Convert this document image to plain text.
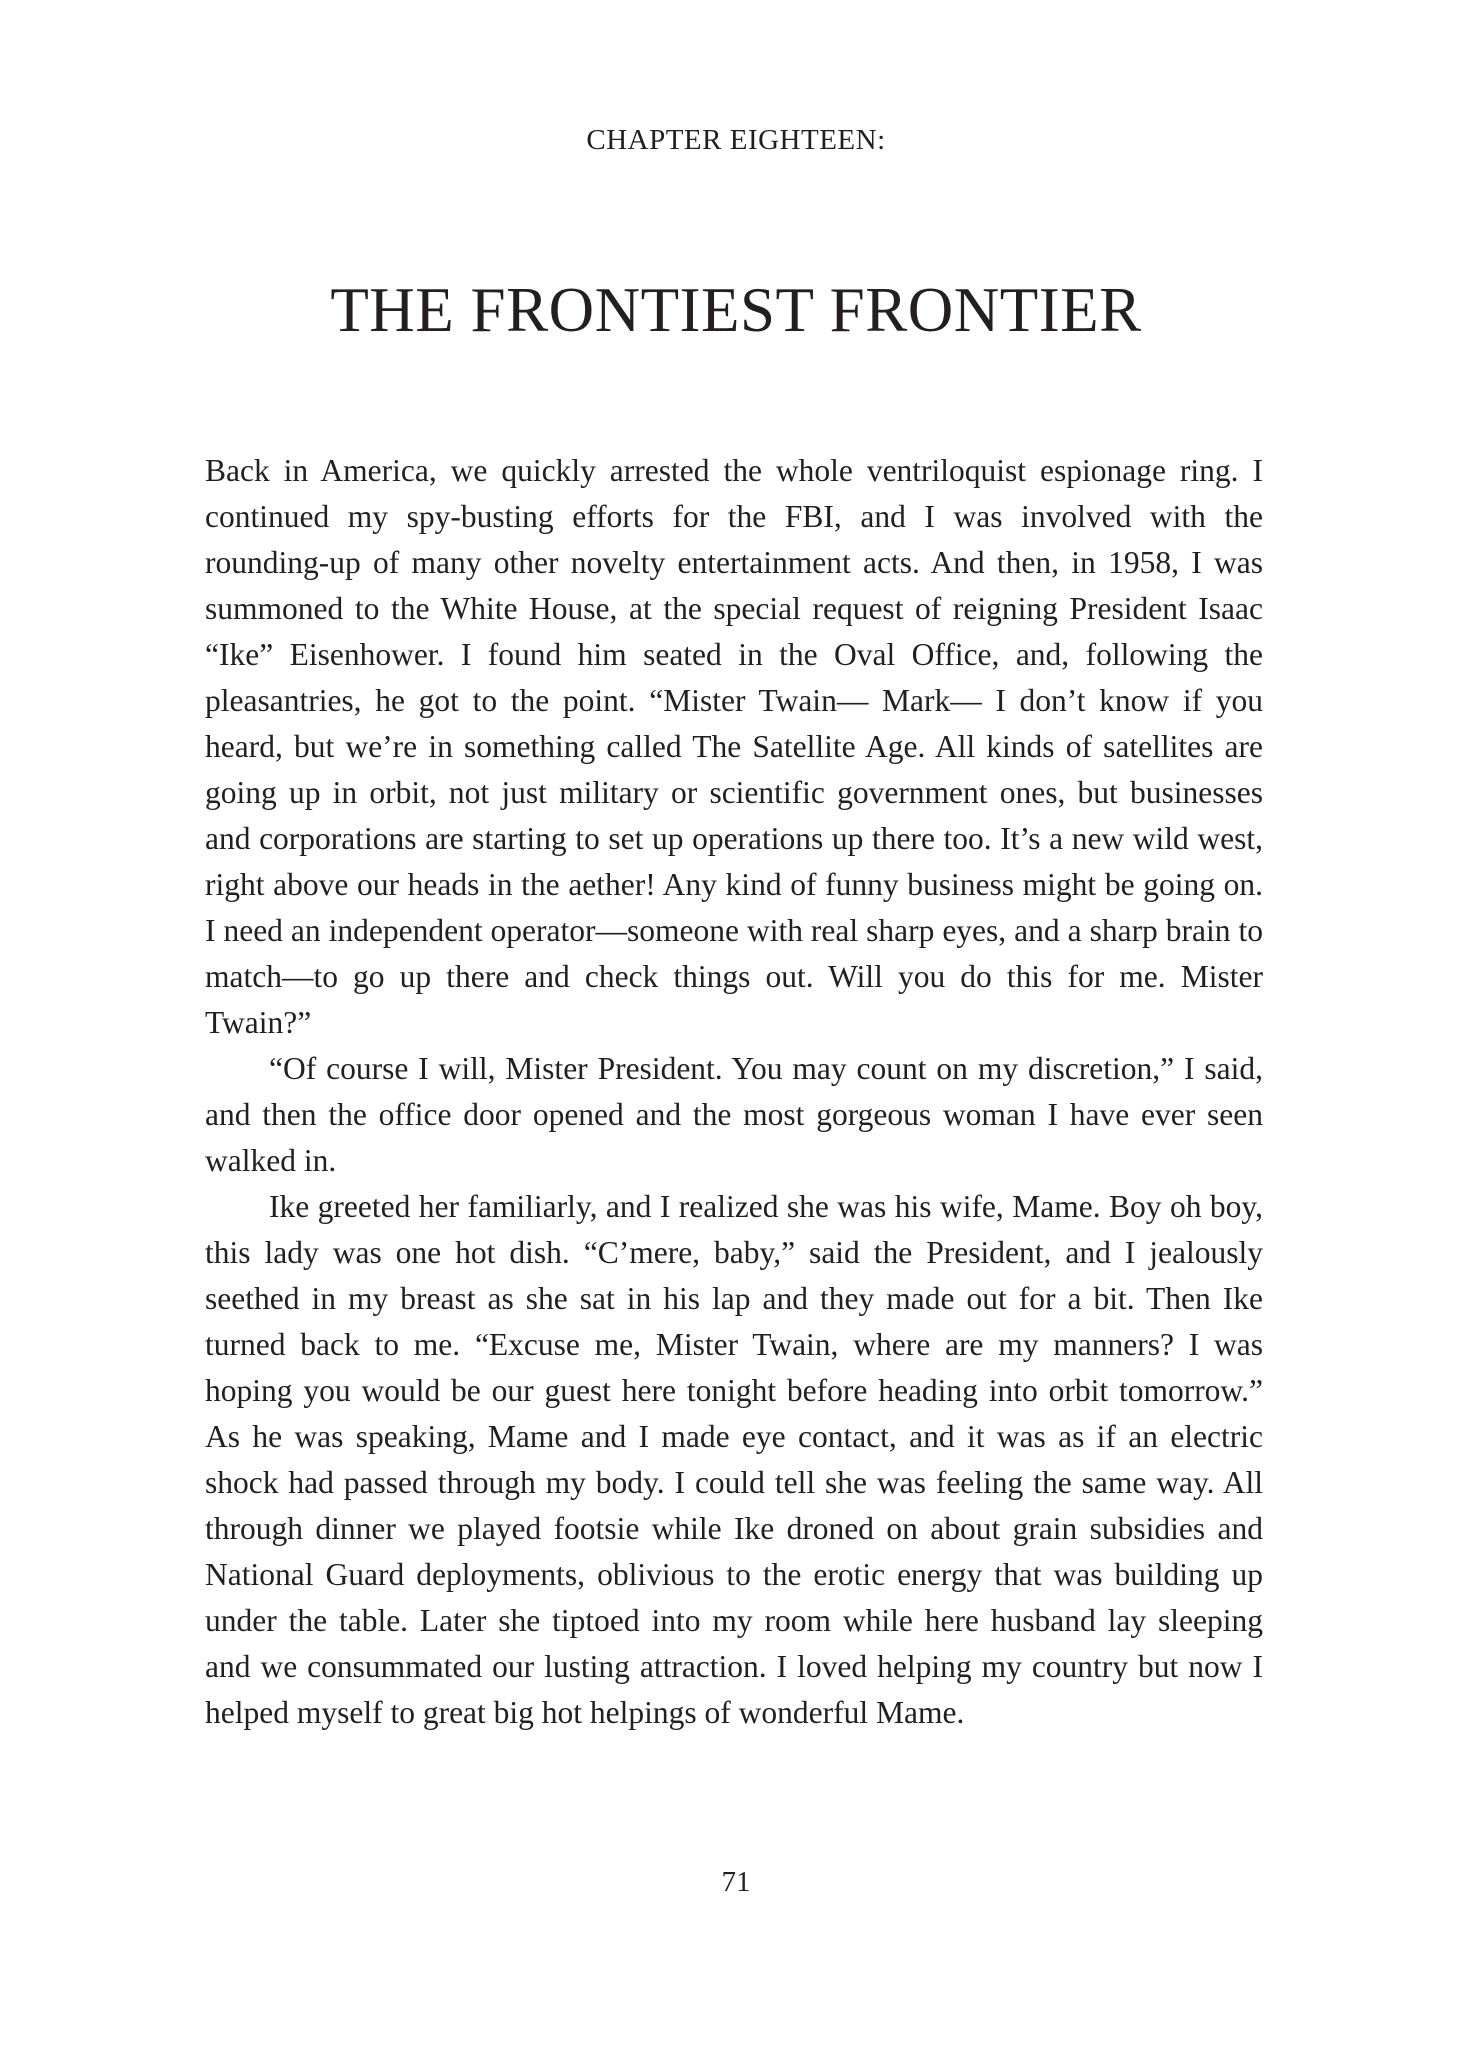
CHAPTER EIGHTEEN:
THE FRONTIEST FRONTIER

Back in America, we quickly arrested the whole ventriloquist espionage ring. I continued my spy-busting efforts for the FBI, and I was involved with the rounding-up of many other novelty entertainment acts. And then, in 1958, I was summoned to the White House, at the special request of reigning President Isaac “Ike” Eisenhower. I found him seated in the Oval Office, and, following the pleasantries, he got to the point. “Mister Twain— Mark— I don’t know if you heard, but we’re in something called The Satellite Age. All kinds of satellites are going up in orbit, not just military or scientific government ones, but businesses and corporations are starting to set up operations up there too. It’s a new wild west, right above our heads in the aether! Any kind of funny business might be going on. I need an independent operator—someone with real sharp eyes, and a sharp brain to match—to go up there and check things out. Will you do this for me. Mister Twain?”

“Of course I will, Mister President. You may count on my discretion,” I said, and then the office door opened and the most gorgeous woman I have ever seen walked in.

Ike greeted her familiarly, and I realized she was his wife, Mame. Boy oh boy, this lady was one hot dish. “C’mere, baby,” said the President, and I jealously seethed in my breast as she sat in his lap and they made out for a bit. Then Ike turned back to me. “Excuse me, Mister Twain, where are my manners? I was hoping you would be our guest here tonight before heading into orbit tomorrow.” As he was speaking, Mame and I made eye contact, and it was as if an electric shock had passed through my body. I could tell she was feeling the same way. All through dinner we played footsie while Ike droned on about grain subsidies and National Guard deployments, oblivious to the erotic energy that was building up under the table. Later she tiptoed into my room while here husband lay sleeping and we consummated our lusting attraction. I loved helping my country but now I helped myself to great big hot helpings of wonderful Mame.

71
